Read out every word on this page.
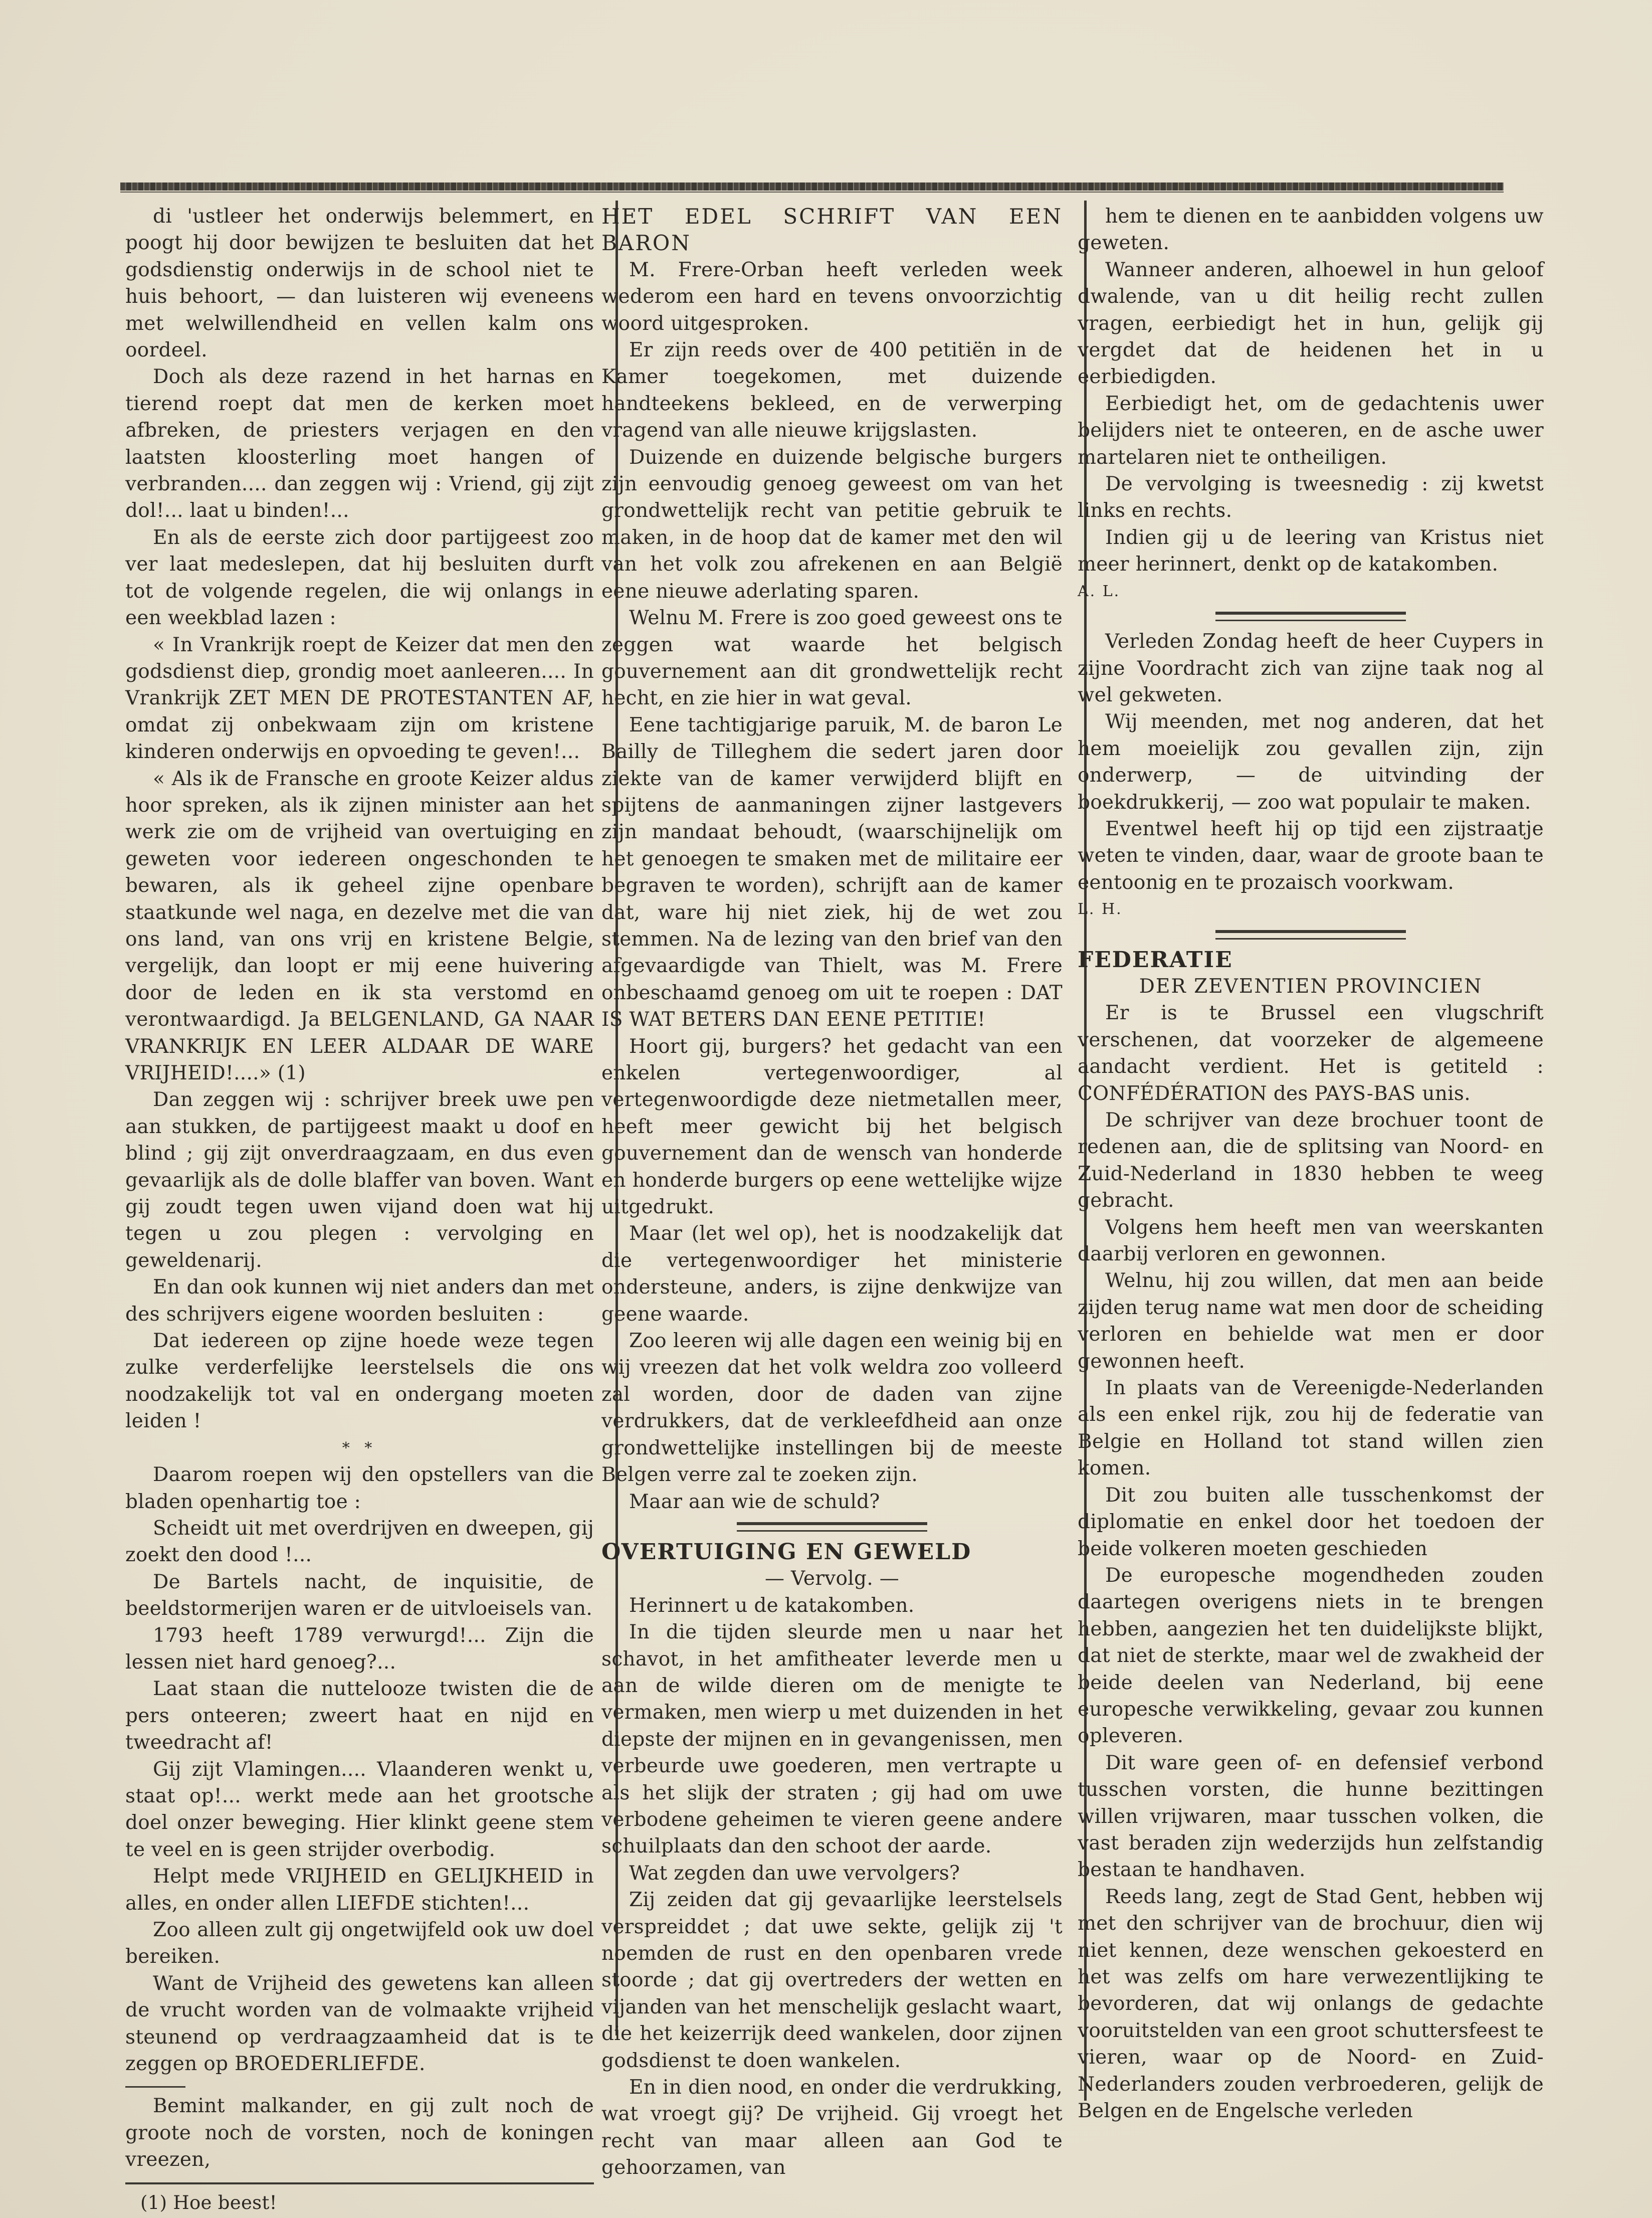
di 'ustleer het onderwijs belemmert, en poogt hij door bewijzen te besluiten dat het godsdienstig onderwijs in de school niet te huis behoort, — dan luisteren wij eveneens met welwillendheid en vellen kalm ons oordeel.

Doch als deze razend in het harnas en tierend roept dat men de kerken moet afbreken, de priesters verjagen en den laatsten kloosterling moet hangen of verbranden.... dan zeggen wij : Vriend, gij zijt dol!... laat u binden!...

En als de eerste zich door partijgeest zoo ver laat medeslepen, dat hij besluiten durft tot de volgende regelen, die wij onlangs in een weekblad lazen :

« In Vrankrijk roept de Keizer dat men den godsdienst diep, grondig moet aanleeren.... In Vrankrijk ZET MEN DE PROTESTANTEN AF, omdat zij onbekwaam zijn om kristene kinderen onderwijs en opvoeding te geven!...

« Als ik de Fransche en groote Keizer aldus hoor spreken, als ik zijnen minister aan het werk zie om de vrijheid van overtuiging en geweten voor iedereen ongeschonden te bewaren, als ik geheel zijne openbare staatkunde wel naga, en dezelve met die van ons land, van ons vrij en kristene Belgie, vergelijk, dan loopt er mij eene huivering door de leden en ik sta verstomd en verontwaardigd. Ja BELGENLAND, GA NAAR VRANKRIJK EN LEER ALDAAR DE WARE VRIJHEID!....» (1)

Dan zeggen wij : schrijver breek uwe pen aan stukken, de partijgeest maakt u doof en blind ; gij zijt onverdraagzaam, en dus even gevaarlijk als de dolle blaffer van boven. Want gij zoudt tegen uwen vijand doen wat hij tegen u zou plegen : vervolging en geweldenarij.

En dan ook kunnen wij niet anders dan met des schrijvers eigene woorden besluiten :

Dat iedereen op zijne hoede weze tegen zulke verderfelijke leerstelsels die ons noodzakelijk tot val en ondergang moeten leiden !

* *

Daarom roepen wij den opstellers van die bladen openhartig toe :

Scheidt uit met overdrijven en dweepen, gij zoekt den dood !...

De Bartels nacht, de inquisitie, de beeldstormerijen waren er de uitvloeisels van.

1793 heeft 1789 verwurgd!... Zijn die lessen niet hard genoeg?...

Laat staan die nuttelooze twisten die de pers onteeren; zweert haat en nijd en tweedracht af!

Gij zijt Vlamingen.... Vlaanderen wenkt u, staat op!... werkt mede aan het grootsche doel onzer beweging. Hier klinkt geene stem te veel en is geen strijder overbodig.

Helpt mede VRIJHEID en GELIJKHEID in alles, en onder allen LIEFDE stichten!...

Zoo alleen zult gij ongetwijfeld ook uw doel bereiken.

Want de Vrijheid des gewetens kan alleen de vrucht worden van de volmaakte vrijheid steunend op verdraagzaamheid dat is te zeggen op BROEDERLIEFDE.

Bemint malkander, en gij zult noch de groote noch de vorsten, noch de koningen vreezen,

(1) Hoe beest!

HET EDEL SCHRIFT VAN EEN BARON

M. Frere-Orban heeft verleden week wederom een hard en tevens onvoorzichtig woord uitgesproken.

Er zijn reeds over de 400 petitiën in de Kamer toegekomen, met duizende handteekens bekleed, en de verwerping vragend van alle nieuwe krijgslasten.

Duizende en duizende belgische burgers zijn eenvoudig genoeg geweest om van het grondwettelijk recht van petitie gebruik te maken, in de hoop dat de kamer met den wil van het volk zou afrekenen en aan België eene nieuwe aderlating sparen.

Welnu M. Frere is zoo goed geweest ons te zeggen wat waarde het belgisch gouvernement aan dit grondwettelijk recht hecht, en zie hier in wat geval.

Eene tachtigjarige paruik, M. de baron Le Bailly de Tilleghem die sedert jaren door ziekte van de kamer verwijderd blijft en spijtens de aanmaningen zijner lastgevers zijn mandaat behoudt, (waarschijnelijk om het genoegen te smaken met de militaire eer begraven te worden), schrijft aan de kamer dat, ware hij niet ziek, hij de wet zou stemmen. Na de lezing van den brief van den afgevaardigde van Thielt, was M. Frere onbeschaamd genoeg om uit te roepen : DAT IS WAT BETERS DAN EENE PETITIE!

Hoort gij, burgers? het gedacht van een enkelen vertegenwoordiger, al vertegenwoordigde deze nietmetallen meer, heeft meer gewicht bij het belgisch gouvernement dan de wensch van honderde en honderde burgers op eene wettelijke wijze uitgedrukt.

Maar (let wel op), het is noodzakelijk dat die vertegenwoordiger het ministerie ondersteune, anders, is zijne denkwijze van geene waarde.

Zoo leeren wij alle dagen een weinig bij en wij vreezen dat het volk weldra zoo volleerd zal worden, door de daden van zijne verdrukkers, dat de verkleefdheid aan onze grondwettelijke instellingen bij de meeste Belgen verre zal te zoeken zijn.

Maar aan wie de schuld?

OVERTUIGING EN GEWELD

— Vervolg. —

Herinnert u de katakomben.

In die tijden sleurde men u naar het schavot, in het amfitheater leverde men u aan de wilde dieren om de menigte te vermaken, men wierp u met duizenden in het diepste der mijnen en in gevangenissen, men verbeurde uwe goederen, men vertrapte u als het slijk der straten ; gij had om uwe verbodene geheimen te vieren geene andere schuilplaats dan den schoot der aarde.

Wat zegden dan uwe vervolgers?

Zij zeiden dat gij gevaarlijke leerstelsels verspreiddet ; dat uwe sekte, gelijk zij 't noemden de rust en den openbaren vrede stoorde ; dat gij overtreders der wetten en vijanden van het menschelijk geslacht waart, die het keizerrijk deed wankelen, door zijnen godsdienst te doen wankelen.

En in dien nood, en onder die verdrukking, wat vroegt gij? De vrijheid. Gij vroegt het recht van maar alleen aan God te gehoorzamen, van

hem te dienen en te aanbidden volgens uw geweten.

Wanneer anderen, alhoewel in hun geloof dwalende, van u dit heilig recht zullen vragen, eerbiedigt het in hun, gelijk gij vergdet dat de heidenen het in u eerbiedigden.

Eerbiedigt het, om de gedachtenis uwer belijders niet te onteeren, en de asche uwer martelaren niet te ontheiligen.

De vervolging is tweesnedig : zij kwetst links en rechts.

Indien gij u de leering van Kristus niet meer herinnert, denkt op de katakomben.

A. L.

Verleden Zondag heeft de heer Cuypers in zijne Voordracht zich van zijne taak nog al wel gekweten.

Wij meenden, met nog anderen, dat het hem moeielijk zou gevallen zijn, zijn onderwerp, — de uitvinding der boekdrukkerij, — zoo wat populair te maken.

Eventwel heeft hij op tijd een zijstraatje weten te vinden, daar, waar de groote baan te eentoonig en te prozaisch voorkwam.

L. H.

FEDERATIE

DER ZEVENTIEN PROVINCIEN

Er is te Brussel een vlugschrift verschenen, dat voorzeker de algemeene aandacht verdient. Het is getiteld : CONFÉDÉRATION des PAYS-BAS unis.

De schrijver van deze brochuer toont de redenen aan, die de splitsing van Noord- en Zuid-Nederland in 1830 hebben te weeg gebracht.

Volgens hem heeft men van weerskanten daarbij verloren en gewonnen.

Welnu, hij zou willen, dat men aan beide zijden terug name wat men door de scheiding verloren en behielde wat men er door gewonnen heeft.

In plaats van de Vereenigde-Nederlanden als een enkel rijk, zou hij de federatie van Belgie en Holland tot stand willen zien komen.

Dit zou buiten alle tusschenkomst der diplomatie en enkel door het toedoen der beide volkeren moeten geschieden

De europesche mogendheden zouden daartegen overigens niets in te brengen hebben, aangezien het ten duidelijkste blijkt, dat niet de sterkte, maar wel de zwakheid der beide deelen van Nederland, bij eene europesche verwikkeling, gevaar zou kunnen opleveren.

Dit ware geen of- en defensief verbond tusschen vorsten, die hunne bezittingen willen vrijwaren, maar tusschen volken, die vast beraden zijn wederzijds hun zelfstandig bestaan te handhaven.

Reeds lang, zegt de Stad Gent, hebben wij met den schrijver van de brochuur, dien wij niet kennen, deze wenschen gekoesterd en het was zelfs om hare verwezentlijking te bevorderen, dat wij onlangs de gedachte vooruitstelden van een groot schuttersfeest te vieren, waar op de Noord- en Zuid-Nederlanders zouden verbroederen, gelijk de Belgen en de Engelsche verleden
